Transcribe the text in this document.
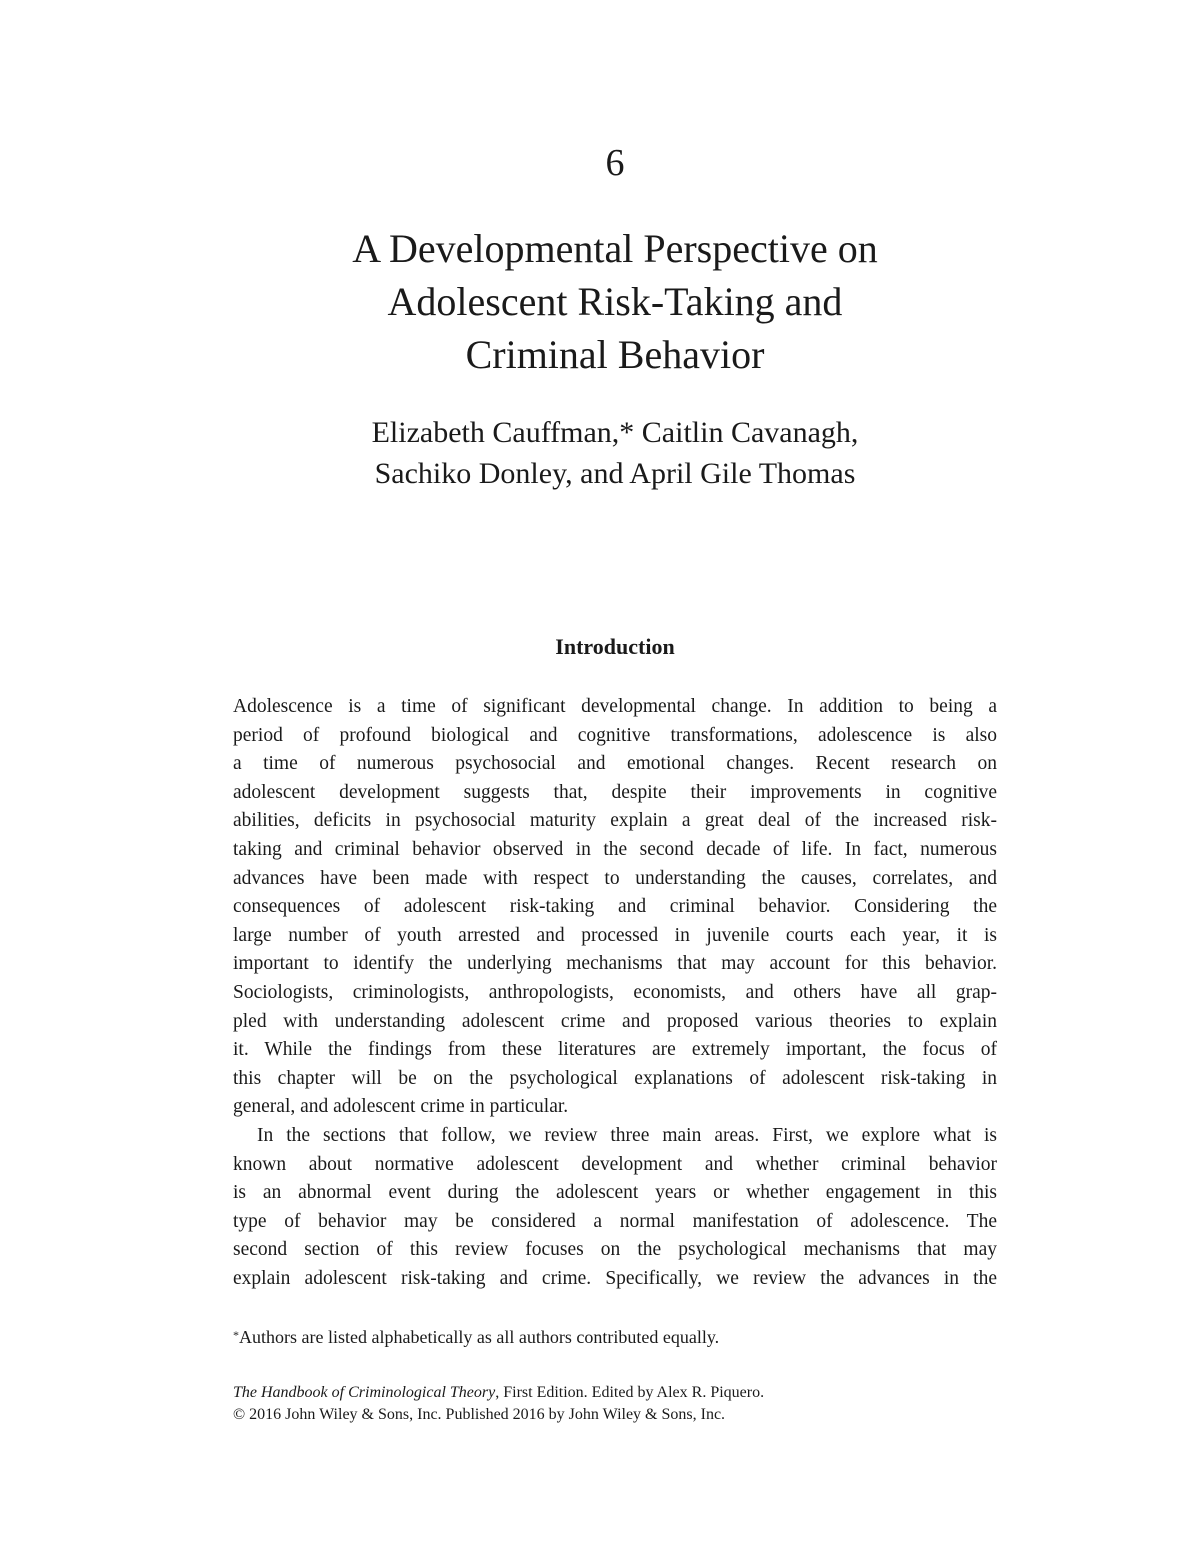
6
A Developmental Perspective on
Adolescent Risk-Taking and
Criminal Behavior
Elizabeth Cauffman,* Caitlin Cavanagh,
Sachiko Donley, and April Gile Thomas
Introduction
Adolescence is a time of significant developmental change. In addition to being a
period of profound biological and cognitive transformations, adolescence is also
a time of numerous psychosocial and emotional changes. Recent research on
adolescent development suggests that, despite their improvements in cognitive
abilities, deficits in psychosocial maturity explain a great deal of the increased risk-
taking and criminal behavior observed in the second decade of life. In fact, numerous
advances have been made with respect to understanding the causes, correlates, and
consequences of adolescent risk-taking and criminal behavior. Considering the
large number of youth arrested and processed in juvenile courts each year, it is
important to identify the underlying mechanisms that may account for this behavior.
Sociologists, criminologists, anthropologists, economists, and others have all grap-
pled with understanding adolescent crime and proposed various theories to explain
it. While the findings from these literatures are extremely important, the focus of
this chapter will be on the psychological explanations of adolescent risk-taking in
general, and adolescent crime in particular.
In the sections that follow, we review three main areas. First, we explore what is
known about normative adolescent development and whether criminal behavior
is an abnormal event during the adolescent years or whether engagement in this
type of behavior may be considered a normal manifestation of adolescence. The
second section of this review focuses on the psychological mechanisms that may
explain adolescent risk-taking and crime. Specifically, we review the advances in the
*Authors are listed alphabetically as all authors contributed equally.
The Handbook of Criminological Theory, First Edition. Edited by Alex R. Piquero.
© 2016 John Wiley & Sons, Inc. Published 2016 by John Wiley & Sons, Inc.
